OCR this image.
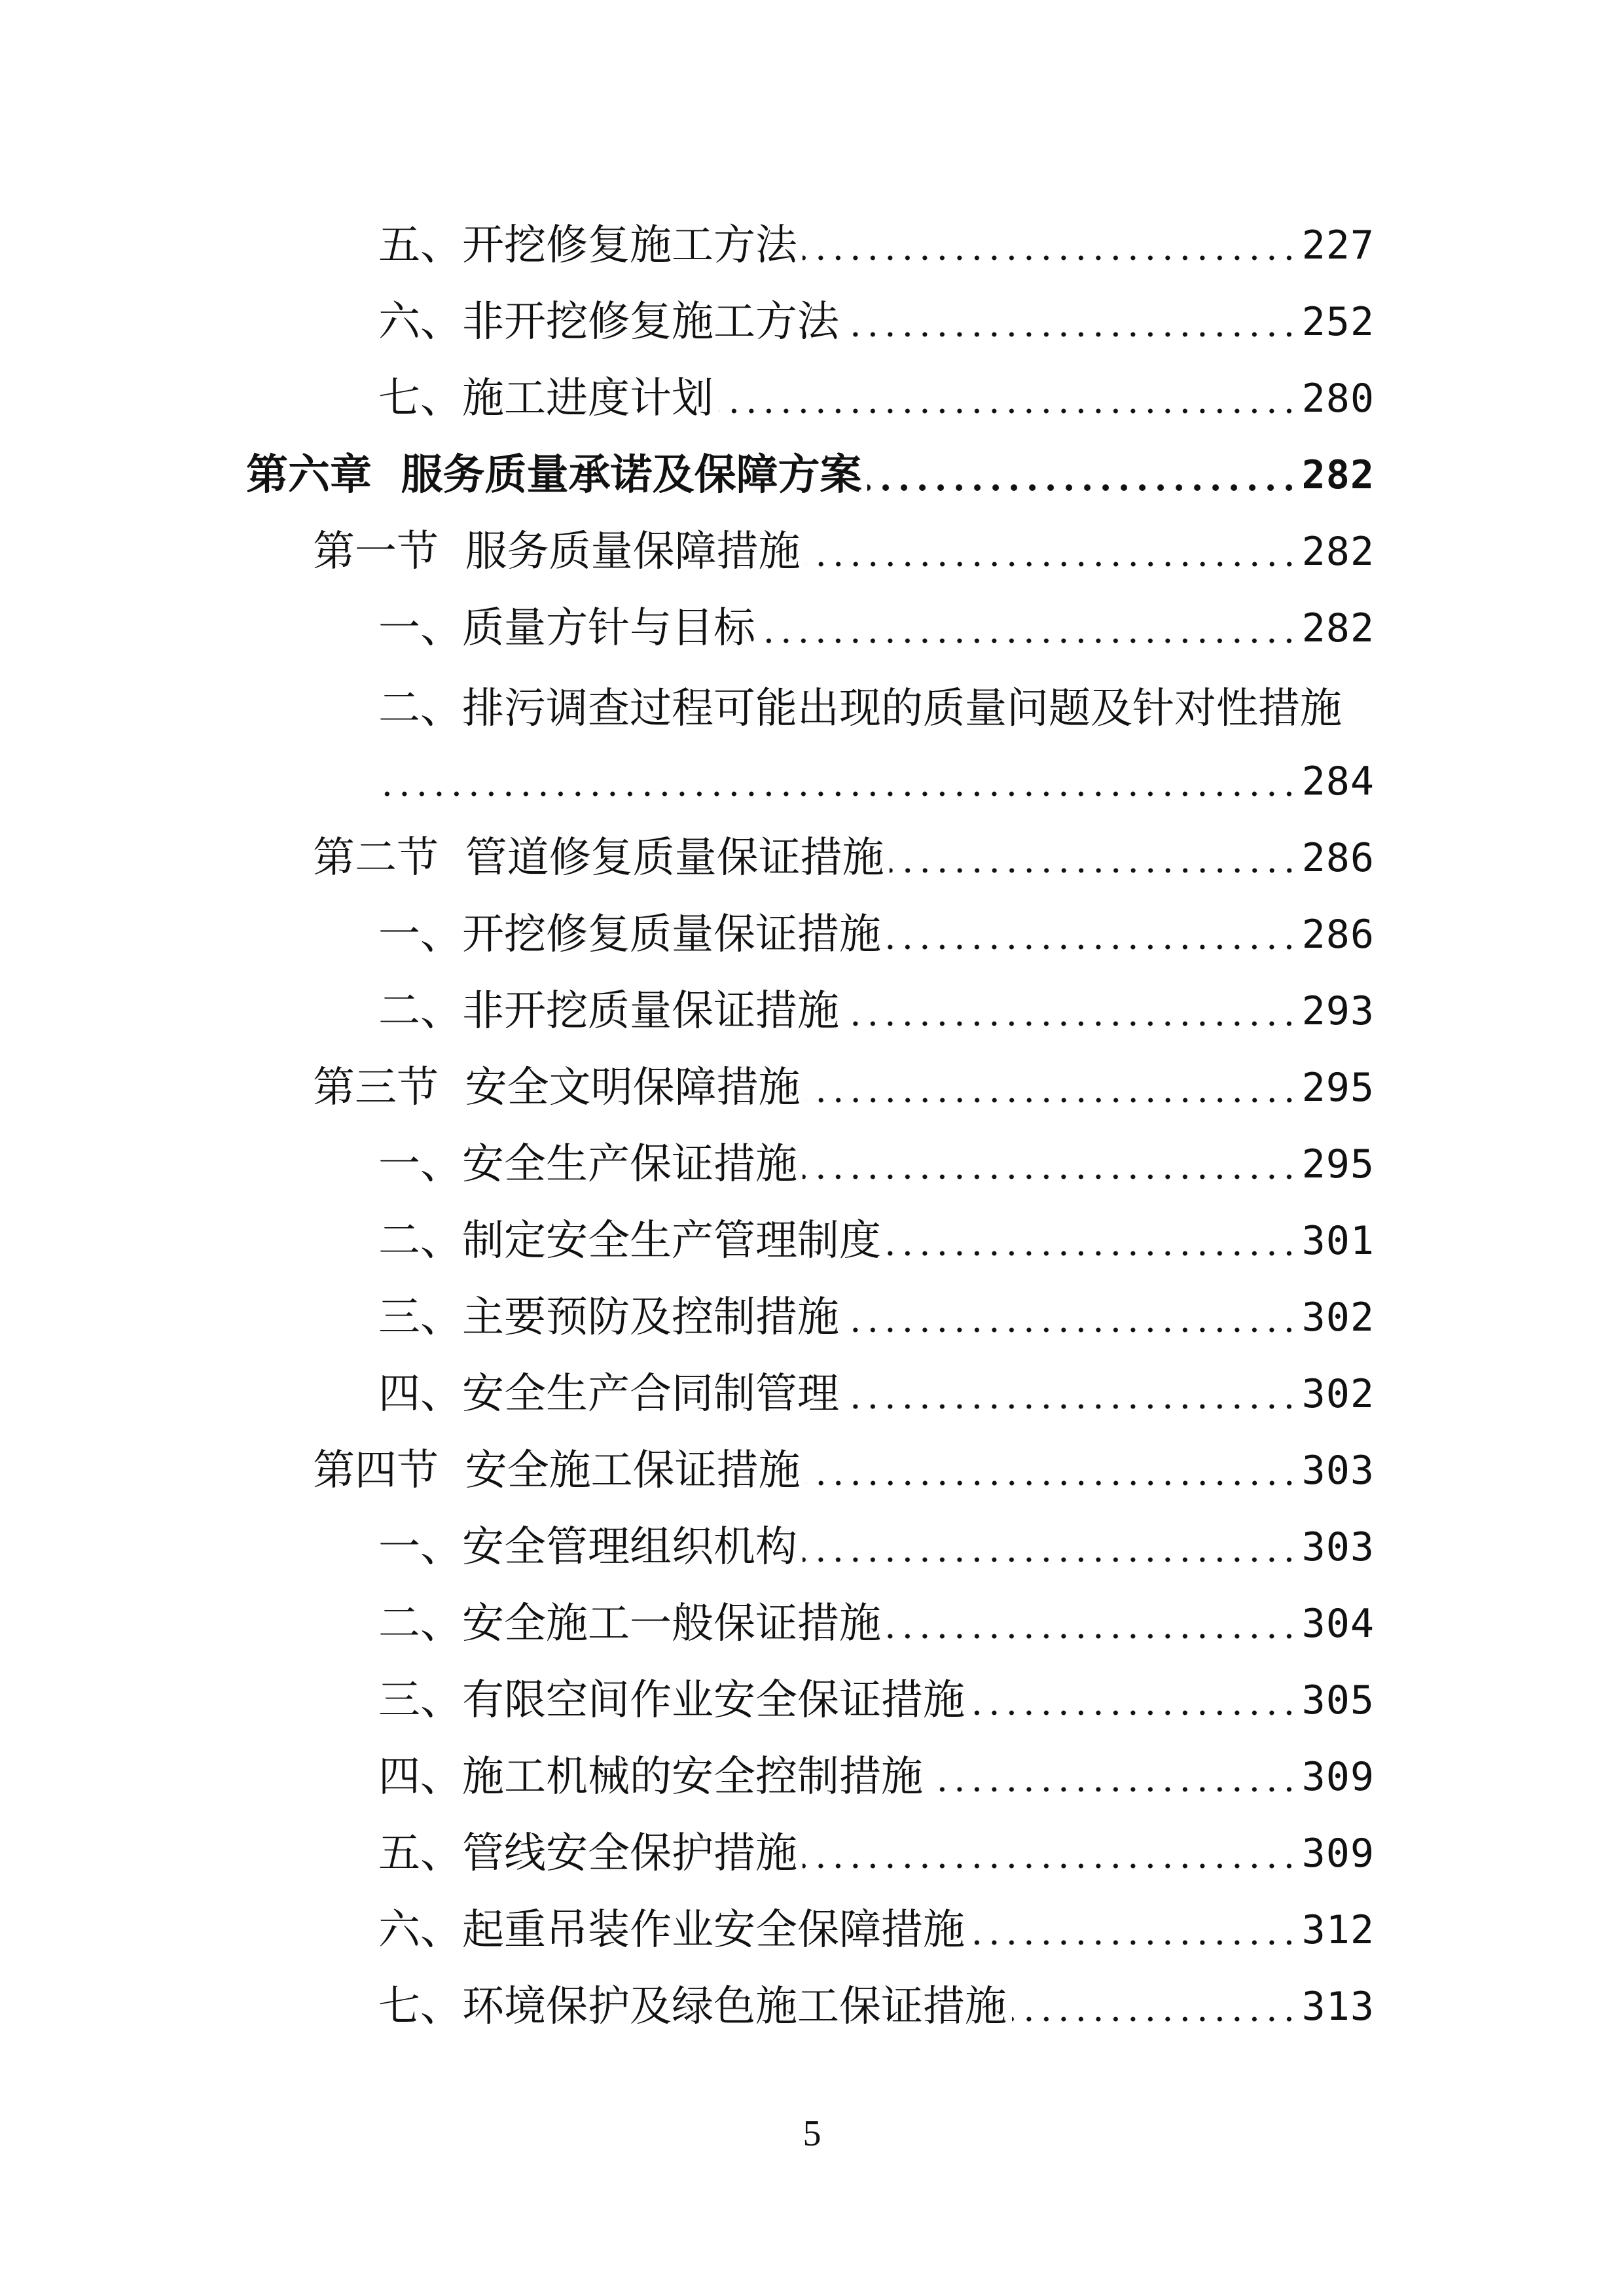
五、开挖修复施工方法	227
六、非开挖修复施工方法	252
七、施工进度计划	280
第六章  服务质量承诺及保障方案	282
第一节  服务质量保障措施	282
一、质量方针与目标	282
二、排污调查过程可能出现的质量问题及针对性措施
284
第二节  管道修复质量保证措施	286
一、开挖修复质量保证措施	286
二、非开挖质量保证措施	293
第三节  安全文明保障措施	295
一、安全生产保证措施	295
二、制定安全生产管理制度	301
三、主要预防及控制措施	302
四、安全生产合同制管理	302
第四节  安全施工保证措施	303
一、安全管理组织机构	303
二、安全施工一般保证措施	304
三、有限空间作业安全保证措施	305
四、施工机械的安全控制措施	309
五、管线安全保护措施	309
六、起重吊装作业安全保障措施	312
七、环境保护及绿色施工保证措施	313
5
